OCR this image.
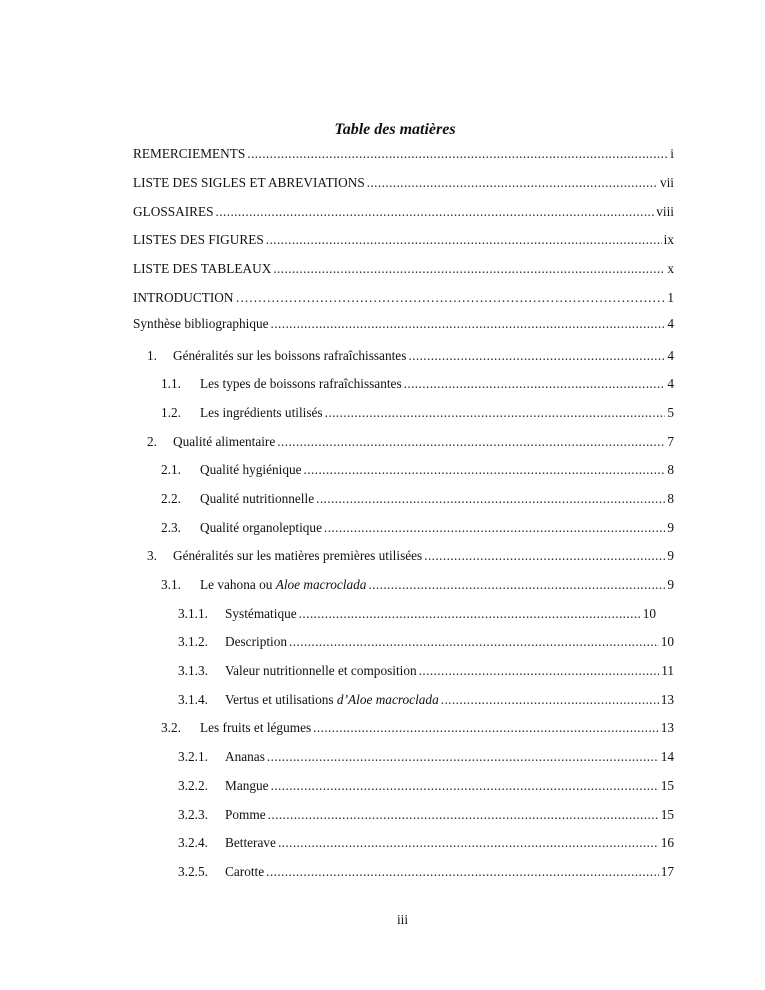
Table des matières
REMERCIEMENTS .....	i
LISTE DES SIGLES ET ABREVIATIONS .....	vii
GLOSSAIRES .....	viii
LISTES DES FIGURES .....	ix
LISTE DES TABLEAUX .....	x
INTRODUCTION ………………………………………………………………………………………………………………	1
Synthèse bibliographique .....	4
1.	Généralités sur les boissons rafraîchissantes .....	4
1.1.	Les types de boissons rafraîchissantes .....	4
1.2.	Les ingrédients utilisés .....	5
2.	Qualité alimentaire .....	7
2.1.	Qualité hygiénique .....	8
2.2.	Qualité nutritionnelle .....	8
2.3.	Qualité organoleptique .....	9
3.	Généralités sur les matières premières utilisées .....	9
3.1.	Le vahona ou Aloe macroclada .....	9
3.1.1.	Systématique .....	10
3.1.2.	Description .....	10
3.1.3.	Valeur nutritionnelle et composition .....	11
3.1.4.	Vertus et utilisations d’Aloe macroclada .....	13
3.2.	Les fruits et légumes .....	13
3.2.1.	Ananas .....	14
3.2.2.	Mangue .....	15
3.2.3.	Pomme .....	15
3.2.4.	Betterave .....	16
3.2.5.	Carotte .....	17
iii
